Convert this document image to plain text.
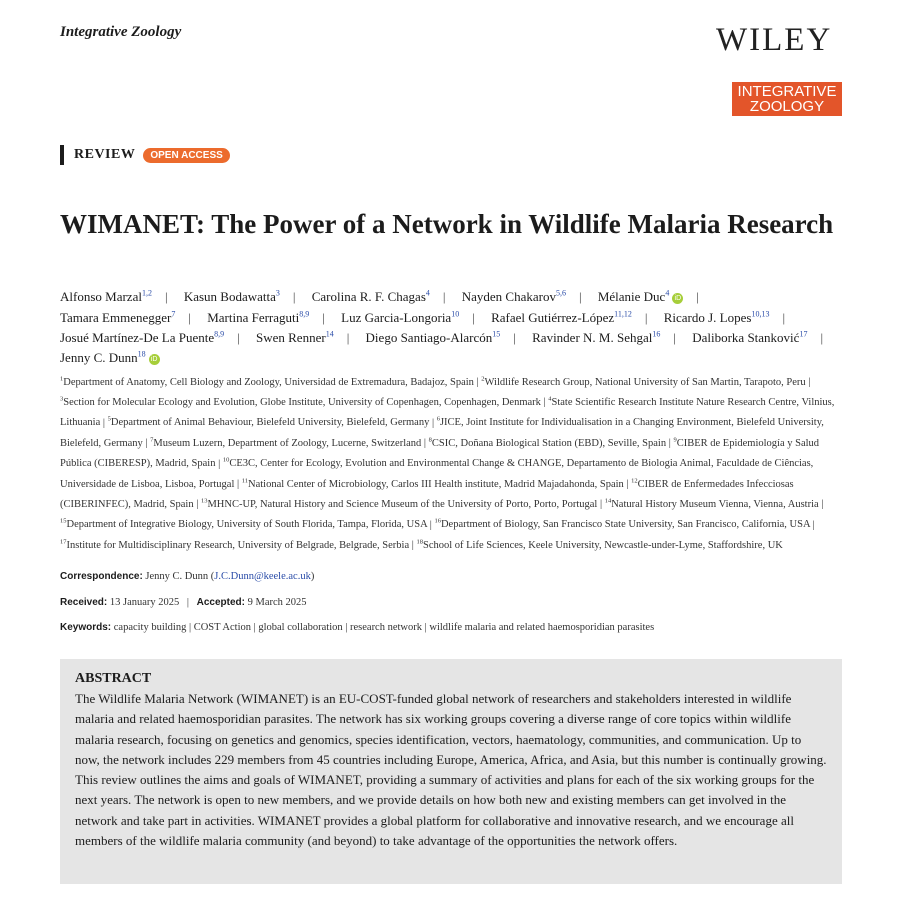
Integrative Zoology	WILEY
INTEGRATIVE
ZOOLOGY
REVIEW	OPEN ACCESS
WIMANET: The Power of a Network in Wildlife Malaria Research
Alfonso Marzal$^{1,2}$ | Kasun Bodawatta$^3$ | Carolina R. F. Chagas$^4$ | Nayden Chakarov$^{5,6}$ | Mélanie Duc$^4$iD | Tamara Emmenegger$^7$ | Martina Ferraguti$^{8,9}$ | Luz Garcia-Longoria$^{10}$ | Rafael Gutiérrez-López$^{11,12}$ | Ricardo J. Lopes$^{10,13}$ | Josué Martínez-De La Puente$^{8,9}$ | Swen Renner$^{14}$ | Diego Santiago-Alarcón$^{15}$ | Ravinder N. M. Sehgal$^{16}$ | Daliborka Stanković$^{17}$ | Jenny C. Dunn$^{18}$iD
$^1$Department of Anatomy, Cell Biology and Zoology, Universidad de Extremadura, Badajoz, Spain | $^2$Wildlife Research Group, National University of San Martin, Tarapoto, Peru | $^3$Section for Molecular Ecology and Evolution, Globe Institute, University of Copenhagen, Copenhagen, Denmark | $^4$State Scientific Research Institute Nature Research Centre, Vilnius, Lithuania | $^5$Department of Animal Behaviour, Bielefeld University, Bielefeld, Germany | $^6$JICE, Joint Institute for Individualisation in a Changing Environment, Bielefeld University, Bielefeld, Germany | $^7$Museum Luzern, Department of Zoology, Lucerne, Switzerland | $^8$CSIC, Doñana Biological Station (EBD), Seville, Spain | $^9$CIBER de Epidemiología y Salud Pública (CIBERESP), Madrid, Spain | $^{10}$CE3C, Center for Ecology, Evolution and Environmental Change & CHANGE, Departamento de Biologia Animal, Faculdade de Ciências, Universidade de Lisboa, Lisboa, Portugal | $^{11}$National Center of Microbiology, Carlos III Health institute, Madrid Majadahonda, Spain | $^{12}$CIBER de Enfermedades Infecciosas (CIBERINFEC), Madrid, Spain | $^{13}$MHNC-UP, Natural History and Science Museum of the University of Porto, Porto, Portugal | $^{14}$Natural History Museum Vienna, Vienna, Austria | $^{15}$Department of Integrative Biology, University of South Florida, Tampa, Florida, USA | $^{16}$Department of Biology, San Francisco State University, San Francisco, California, USA | $^{17}$Institute for Multidisciplinary Research, University of Belgrade, Belgrade, Serbia | $^{18}$School of Life Sciences, Keele University, Newcastle-under-Lyme, Staffordshire, UK
Correspondence: Jenny C. Dunn (J.C.Dunn@keele.ac.uk)
Received: 13 January 2025 | Accepted: 9 March 2025
Keywords: capacity building | COST Action | global collaboration | research network | wildlife malaria and related haemosporidian parasites
ABSTRACT

The Wildlife Malaria Network (WIMANET) is an EU-COST-funded global network of researchers and stakeholders interested in wildlife malaria and related haemosporidian parasites. The network has six working groups covering a diverse range of core topics within wildlife malaria research, focusing on genetics and genomics, species identification, vectors, haematology, communities, and communication. Up to now, the network includes 229 members from 45 countries including Europe, America, Africa, and Asia, but this number is continually growing. This review outlines the aims and goals of WIMANET, providing a summary of activities and plans for each of the six working groups for the next years. The network is open to new members, and we provide details on how both new and existing members can get involved in the network and take part in activities. WIMANET provides a global platform for collaborative and innovative research, and we encourage all members of the wildlife malaria community (and beyond) to take advantage of the opportunities the network offers.
